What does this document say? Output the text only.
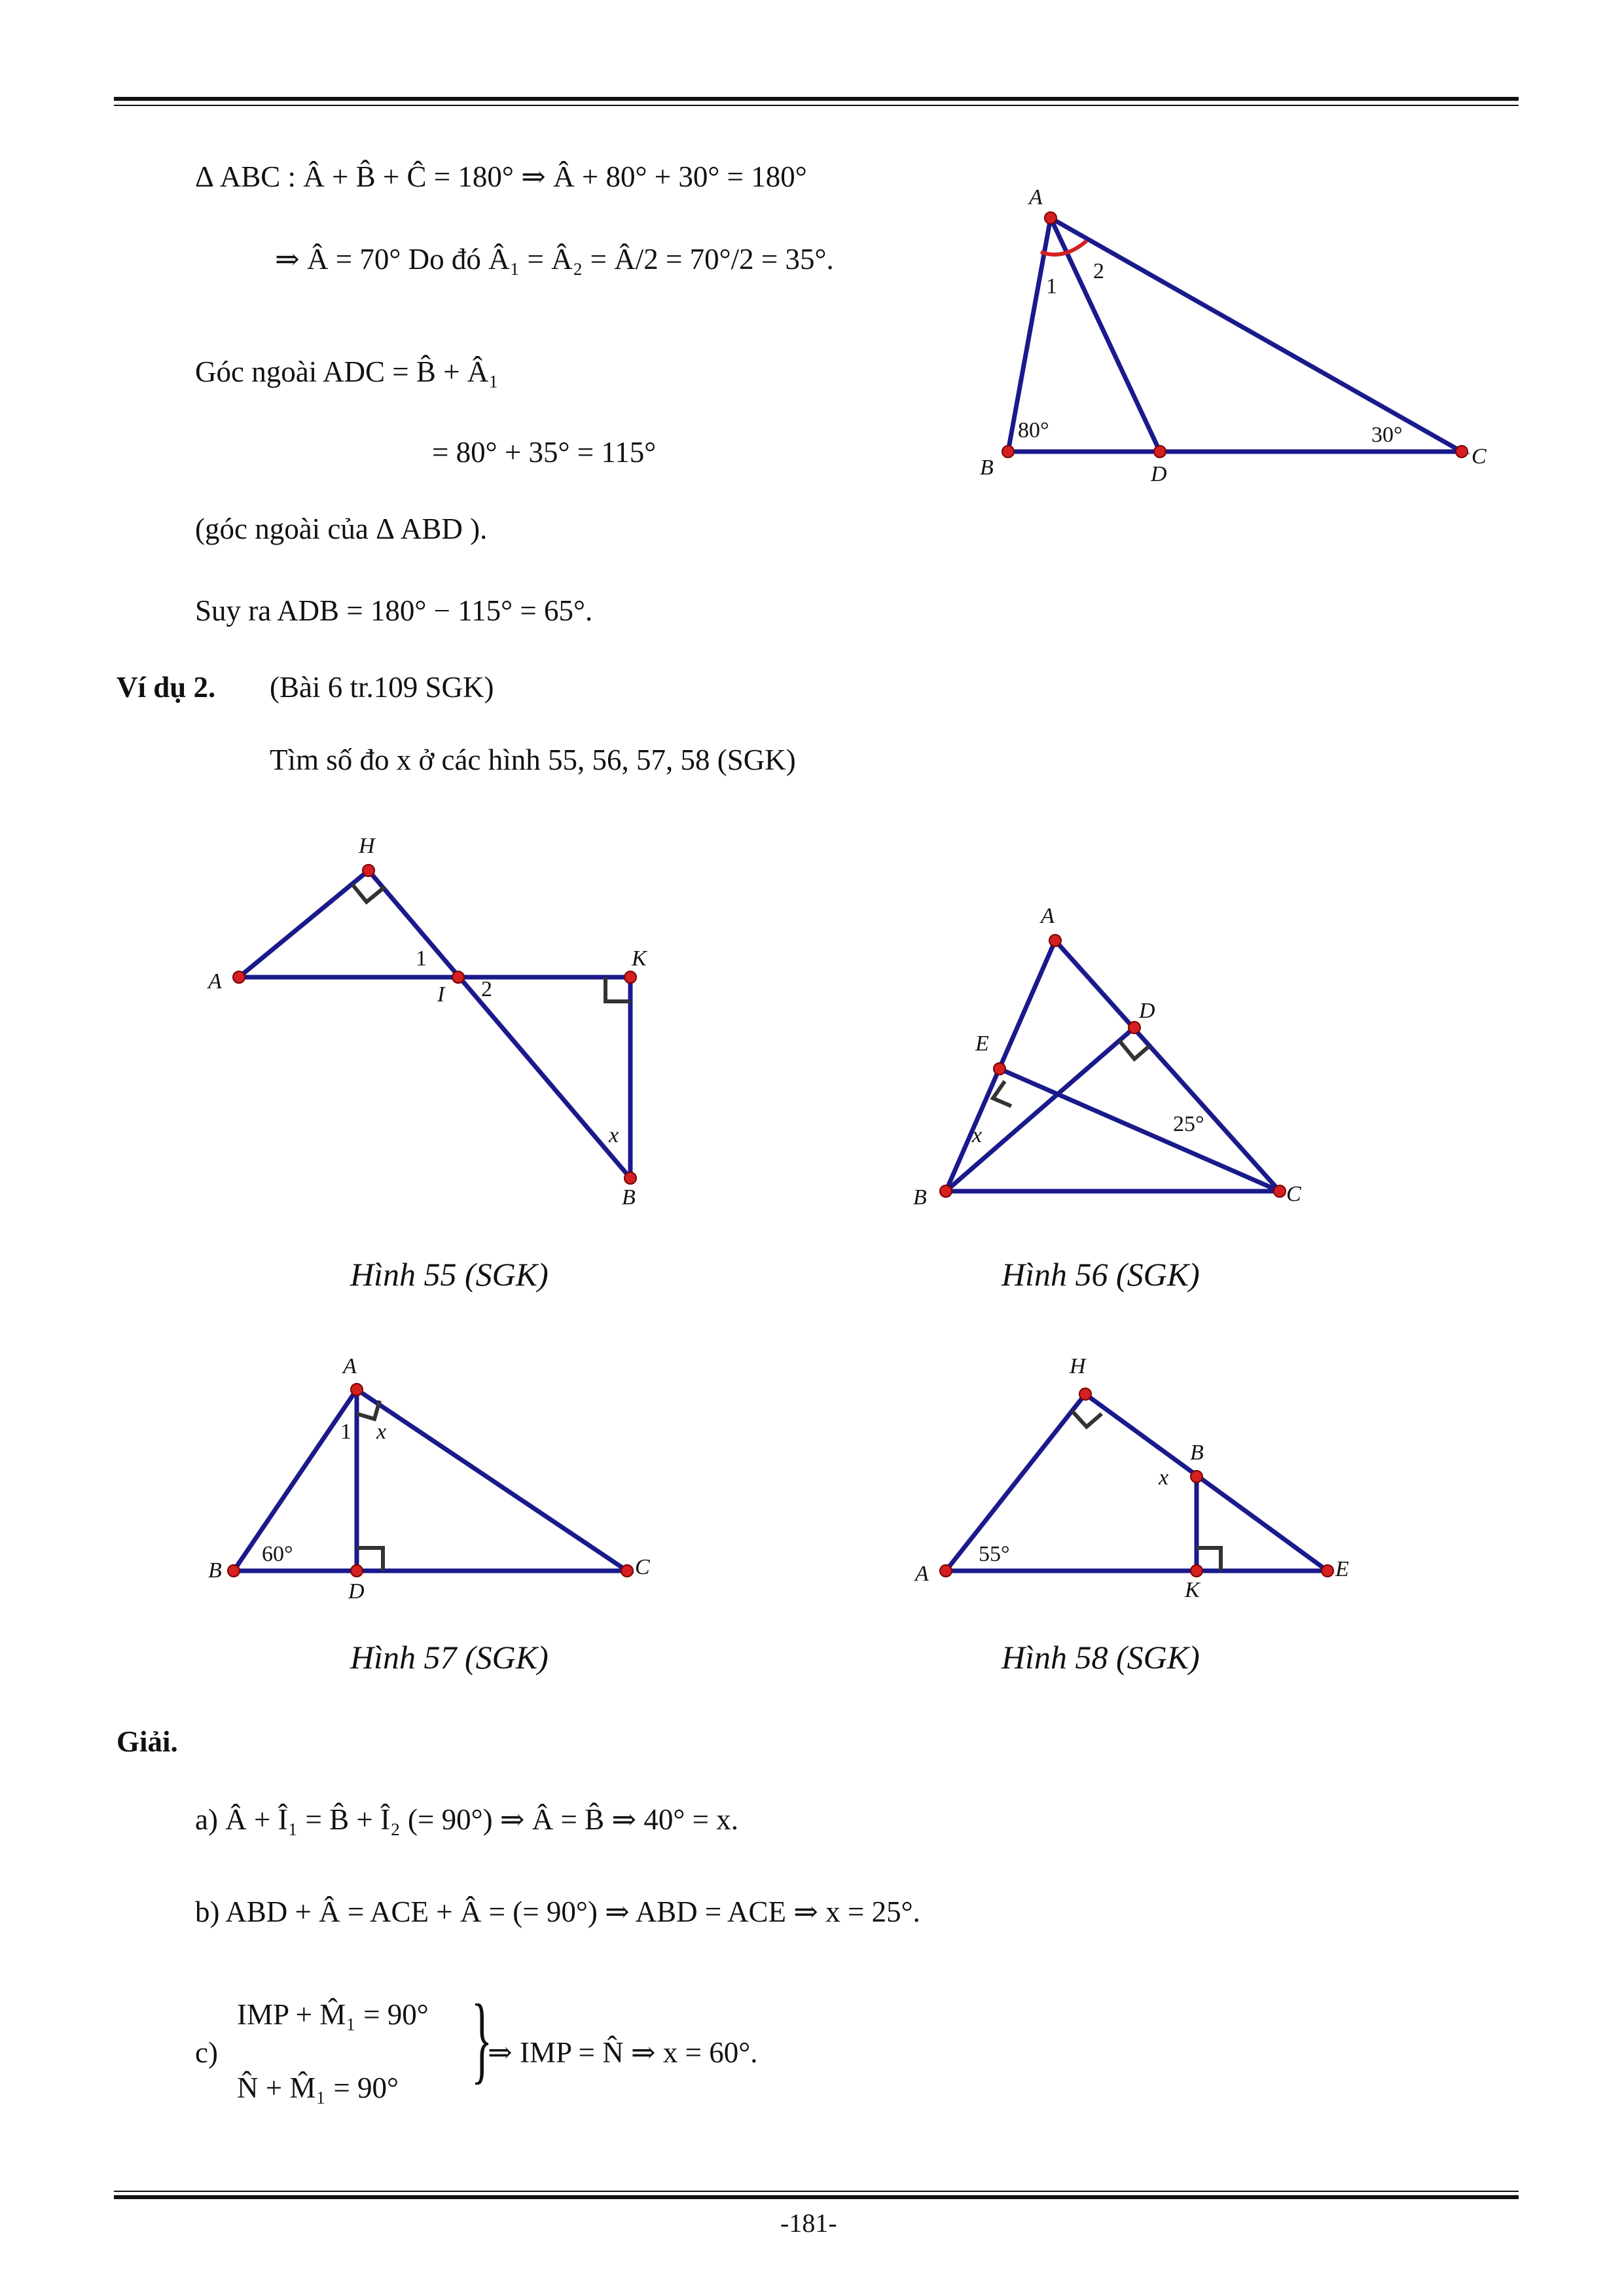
Δ ABC : Â + B̂ + Ĉ = 180° ⇒ Â + 80° + 30° = 180°
⇒ Â = 70° Do đó Â₁ = Â₂ = Â/2 = 70°/2 = 35°.
Góc ngoài ADC = B̂ + Â₁
= 80° + 35° = 115°
(góc ngoài của Δ ABD ).
Suy ra ADB = 180° − 115° = 65°.
Ví dụ 2. (Bài 6 tr.109 SGK)
Tìm số đo x ở các hình 55, 56, 57, 58 (SGK)
A
B	D
C
1
2
80°	30°
H
A
I
K
B
x
1
2
A
D
E
B	C
x	25°
A
B
D
C
x
1
60°
H
B
A
K
E
x
55°
Hình 55 (SGK)	Hình 56 (SGK)
Hình 57 (SGK)	Hình 58 (SGK)
Giải.
a) Â + Î₁ = B̂ + Î₂ (= 90°) ⇒ Â = B̂ ⇒ 40° = x.
b) ABD + Â = ACE + Â = (= 90°) ⇒ ABD = ACE ⇒ x = 25°.
c)
IMP + M̂₁ = 90°
N̂ + M̂₁ = 90° }
⇒ IMP = N̂ ⇒ x = 60°.
-181-
